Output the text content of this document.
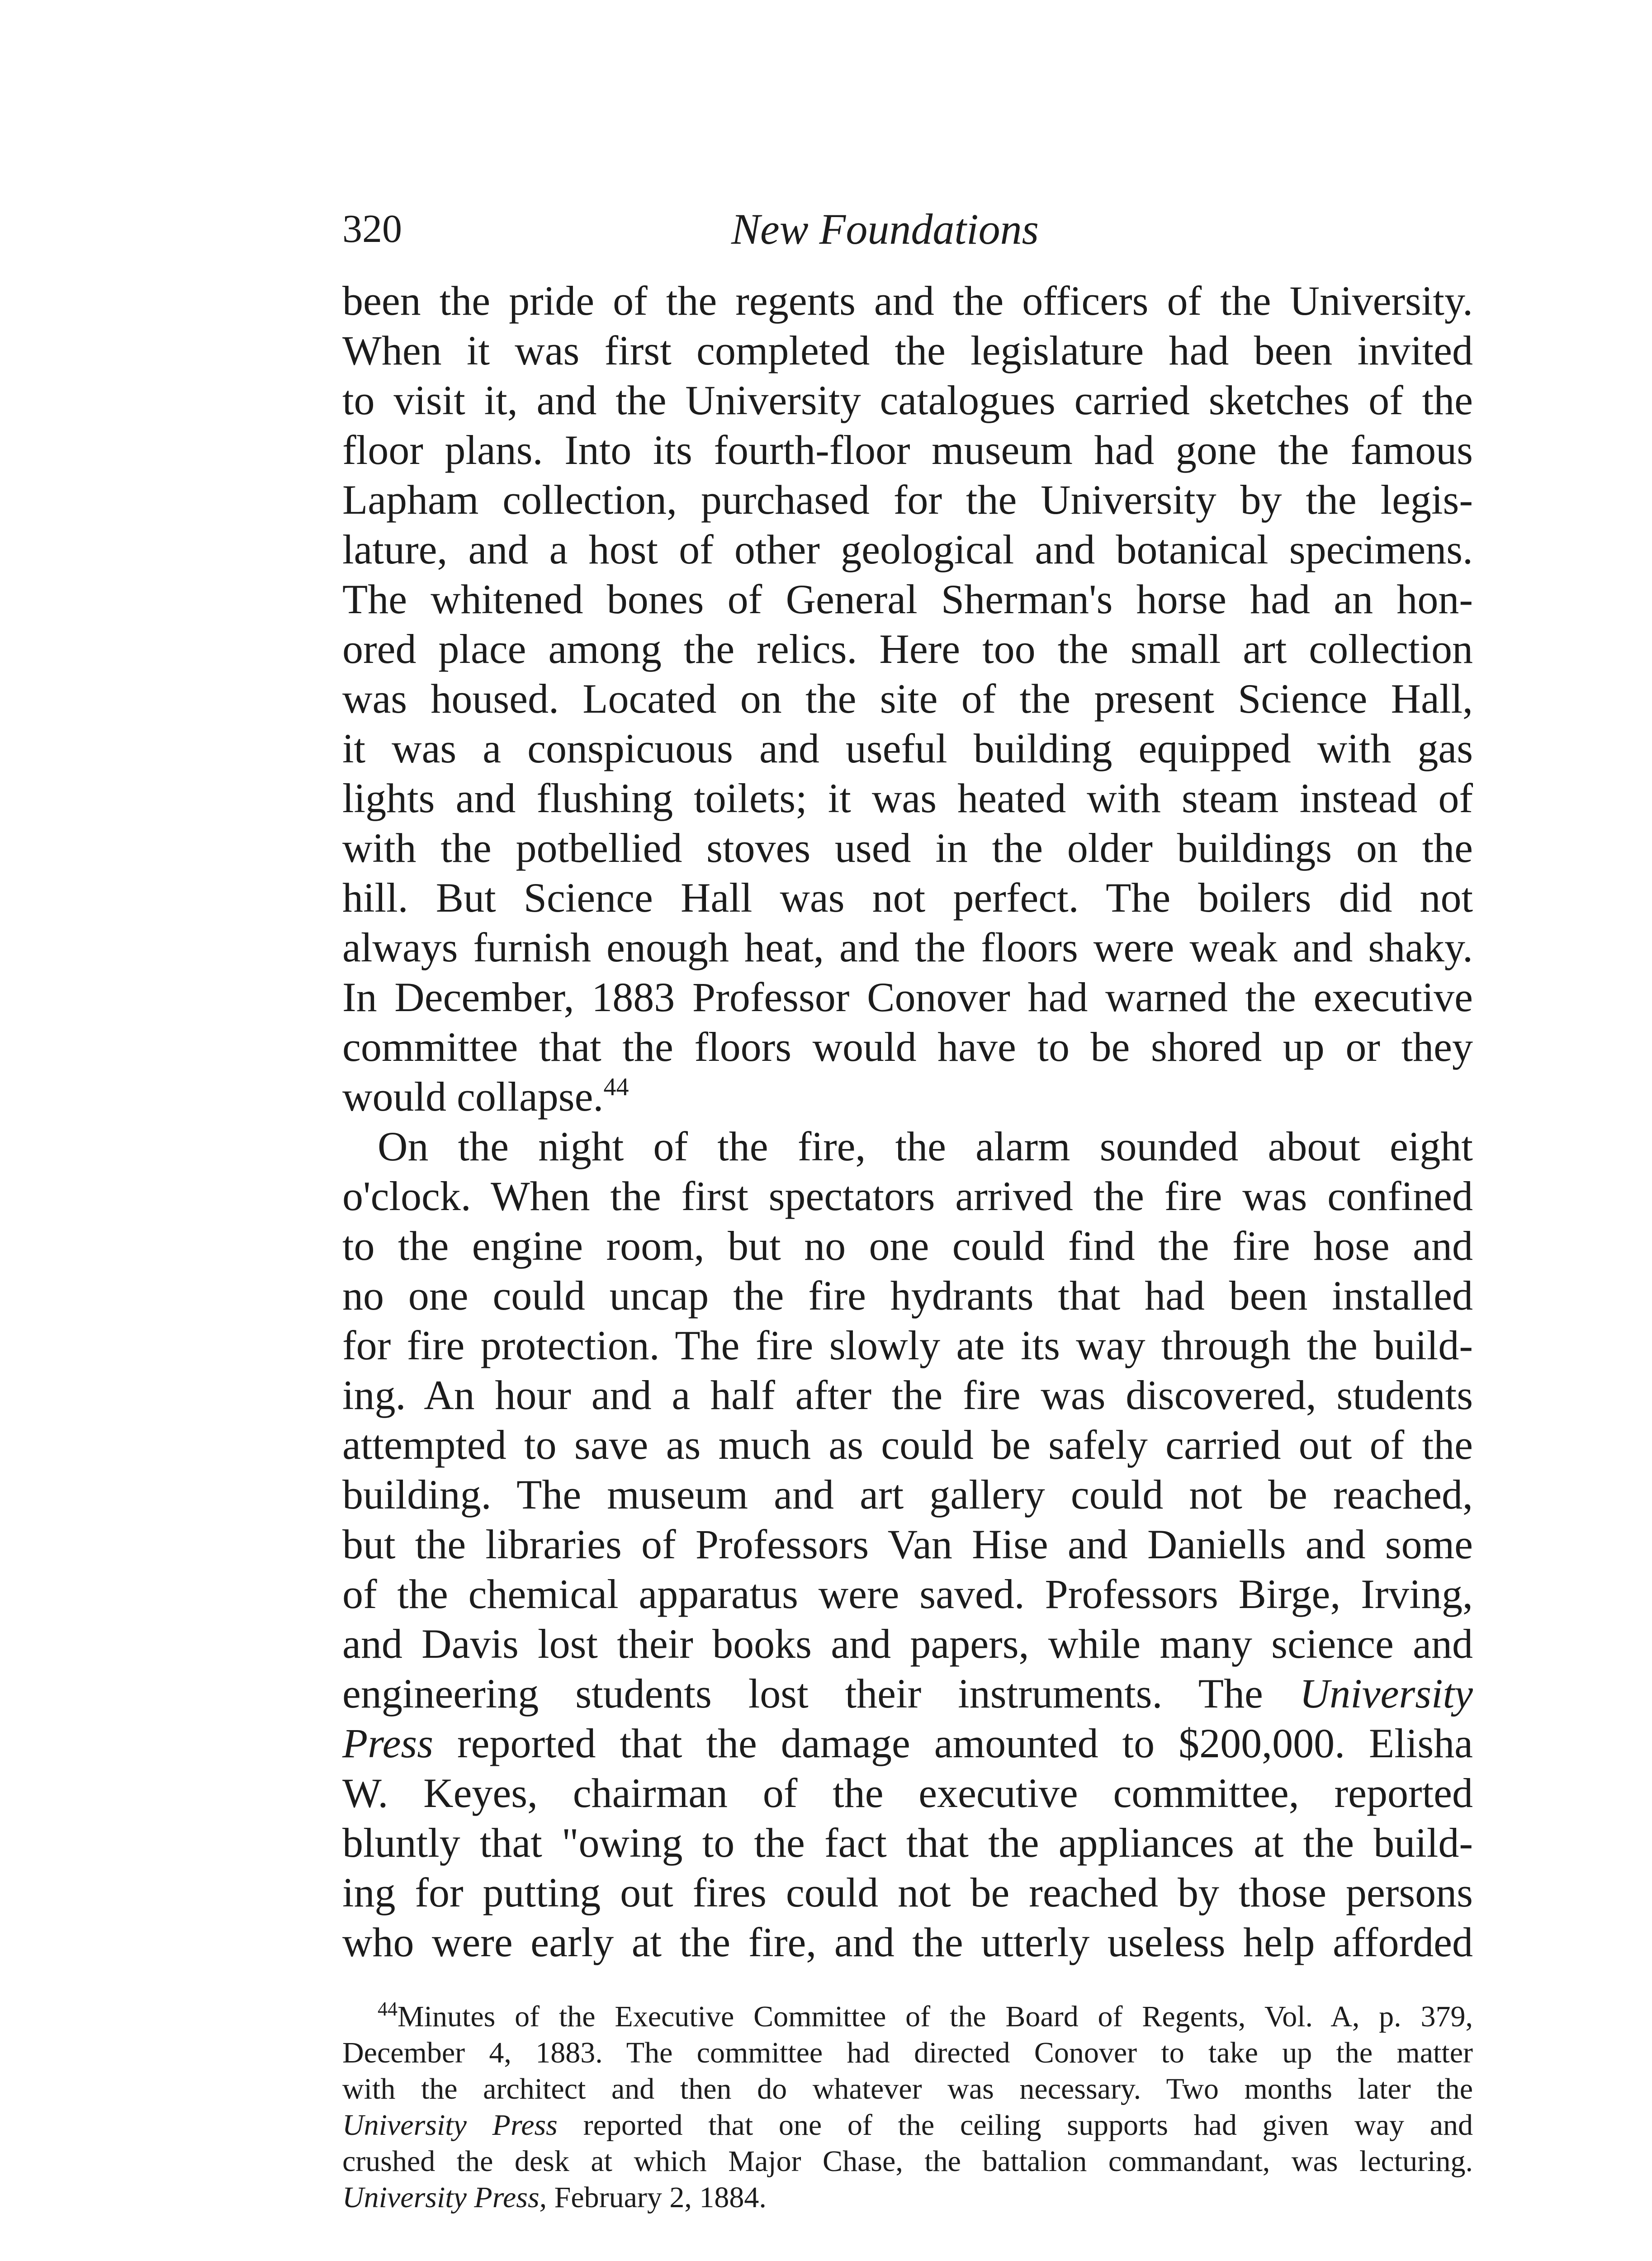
320	New Foundations
been the pride of the regents and the officers of the University.
When it was first completed the legislature had been invited
to visit it, and the University catalogues carried sketches of the
floor plans. Into its fourth-floor museum had gone the famous
Lapham collection, purchased for the University by the legis-
lature, and a host of other geological and botanical specimens.
The whitened bones of General Sherman's horse had an hon-
ored place among the relics. Here too the small art collection
was housed. Located on the site of the present Science Hall,
it was a conspicuous and useful building equipped with gas
lights and flushing toilets; it was heated with steam instead of
with the potbellied stoves used in the older buildings on the
hill. But Science Hall was not perfect. The boilers did not
always furnish enough heat, and the floors were weak and shaky.
In December, 1883 Professor Conover had warned the executive
committee that the floors would have to be shored up or they
would collapse.$^{44}$
On the night of the fire, the alarm sounded about eight
o'clock. When the first spectators arrived the fire was confined
to the engine room, but no one could find the fire hose and
no one could uncap the fire hydrants that had been installed
for fire protection. The fire slowly ate its way through the build-
ing. An hour and a half after the fire was discovered, students
attempted to save as much as could be safely carried out of the
building. The museum and art gallery could not be reached,
but the libraries of Professors Van Hise and Daniells and some
of the chemical apparatus were saved. Professors Birge, Irving,
and Davis lost their books and papers, while many science and
engineering students lost their instruments. The University
Press reported that the damage amounted to $200,000. Elisha
W. Keyes, chairman of the executive committee, reported
bluntly that "owing to the fact that the appliances at the build-
ing for putting out fires could not be reached by those persons
who were early at the fire, and the utterly useless help afforded
$^{44}$Minutes of the Executive Committee of the Board of Regents, Vol. A, p. 379,
December 4, 1883. The committee had directed Conover to take up the matter
with the architect and then do whatever was necessary. Two months later the
University Press reported that one of the ceiling supports had given way and
crushed the desk at which Major Chase, the battalion commandant, was lecturing.
University Press, February 2, 1884.
